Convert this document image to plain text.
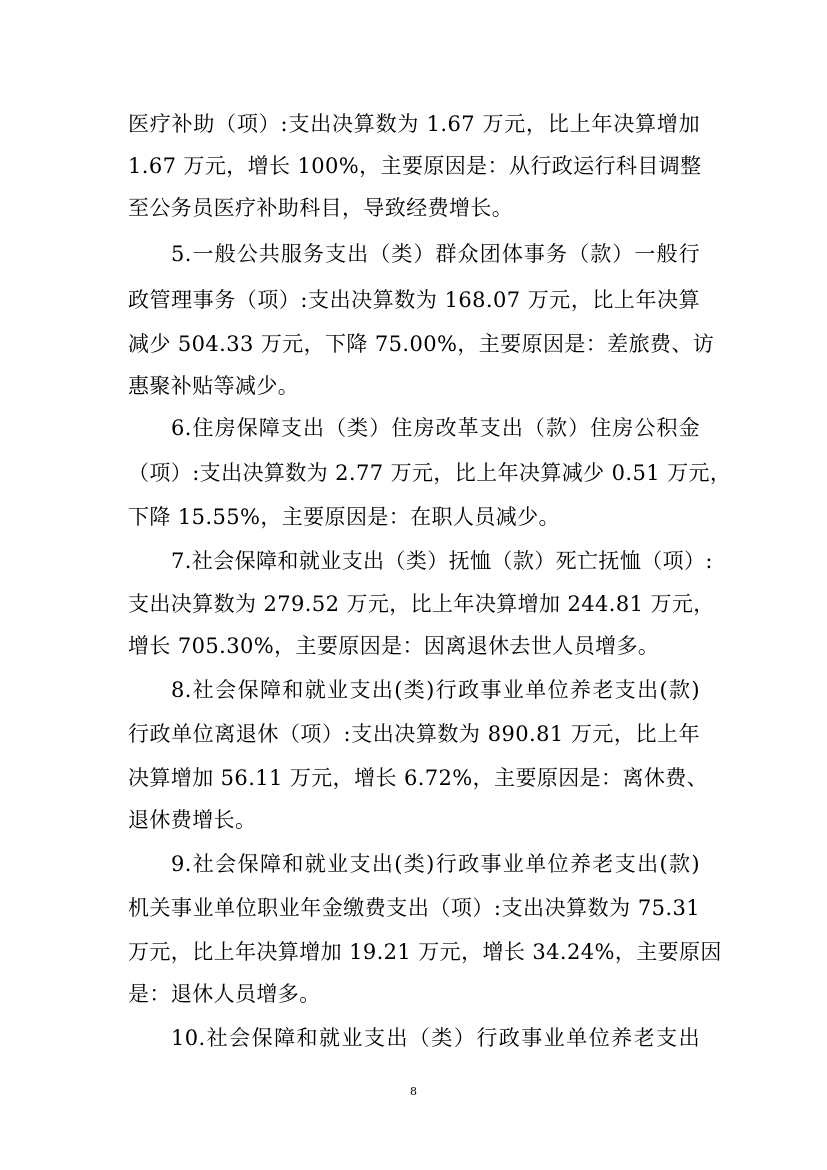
医疗补助（项）:支出决算数为 1.67 万元，比上年决算增加
1.67 万元，增长 100%，主要原因是：从行政运行科目调整
至公务员医疗补助科目，导致经费增长。
5.一般公共服务支出（类）群众团体事务（款）一般行
政管理事务（项）:支出决算数为 168.07 万元，比上年决算
减少 504.33 万元，下降 75.00%，主要原因是：差旅费、访
惠聚补贴等减少。
6.住房保障支出（类）住房改革支出（款）住房公积金
（项）:支出决算数为 2.77 万元，比上年决算减少 0.51 万元，
下降 15.55%，主要原因是：在职人员减少。
7.社会保障和就业支出（类）抚恤（款）死亡抚恤（项）:
支出决算数为 279.52 万元，比上年决算增加 244.81 万元，
增长 705.30%，主要原因是：因离退休去世人员增多。
8.社会保障和就业支出(类)行政事业单位养老支出(款)
行政单位离退休（项）:支出决算数为 890.81 万元，比上年
决算增加 56.11 万元，增长 6.72%，主要原因是：离休费、
退休费增长。
9.社会保障和就业支出(类)行政事业单位养老支出(款)
机关事业单位职业年金缴费支出（项）:支出决算数为 75.31
万元，比上年决算增加 19.21 万元，增长 34.24%，主要原因
是：退休人员增多。
10.社会保障和就业支出（类）行政事业单位养老支出
8
